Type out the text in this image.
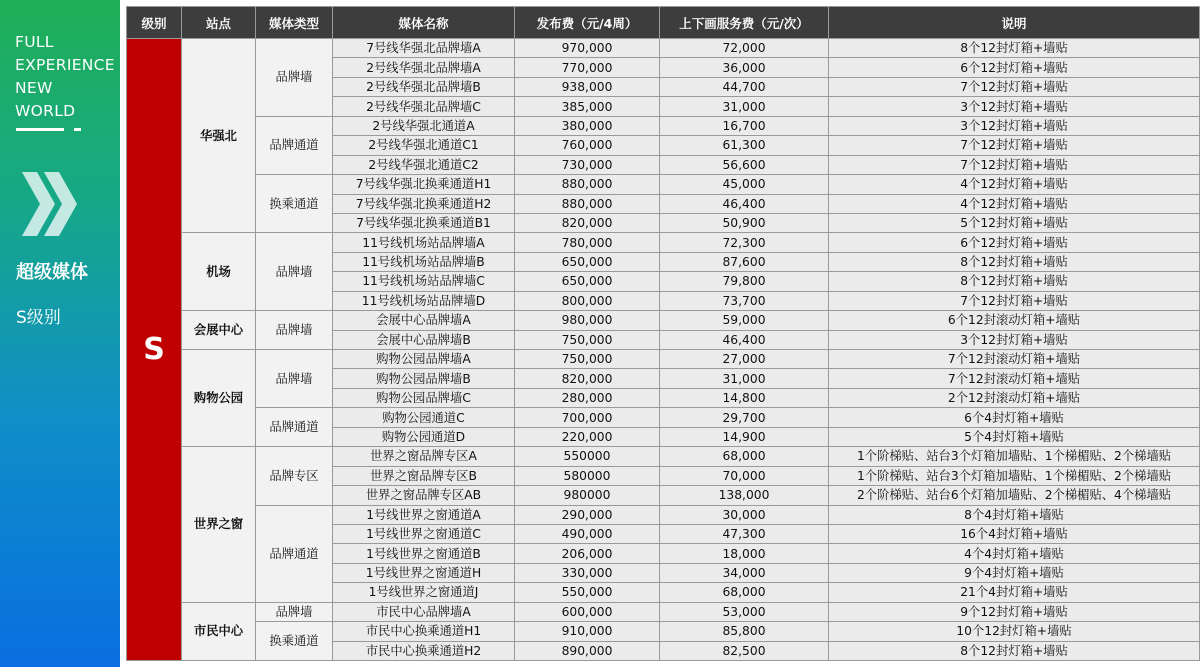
FULL
EXPERIENCE
NEW
WORLD
超级媒体
S级别
级别	站点	媒体类型	媒体名称	发布费（元/4周）	上下画服务费（元/次）	说明
S	华强北	品牌墙	7号线华强北品牌墙A	970,000	72,000	8个12封灯箱+墙贴
			2号线华强北品牌墙A	770,000	36,000	6个12封灯箱+墙贴
			2号线华强北品牌墙B	938,000	44,700	7个12封灯箱+墙贴
			2号线华强北品牌墙C	385,000	31,000	3个12封灯箱+墙贴
		品牌通道	2号线华强北通道A	380,000	16,700	3个12封灯箱+墙贴
			2号线华强北通道C1	760,000	61,300	7个12封灯箱+墙贴
			2号线华强北通道C2	730,000	56,600	7个12封灯箱+墙贴
		换乘通道	7号线华强北换乘通道H1	880,000	45,000	4个12封灯箱+墙贴
			7号线华强北换乘通道H2	880,000	46,400	4个12封灯箱+墙贴
			7号线华强北换乘通道B1	820,000	50,900	5个12封灯箱+墙贴
	机场	品牌墙	11号线机场站品牌墙A	780,000	72,300	6个12封灯箱+墙贴
			11号线机场站品牌墙B	650,000	87,600	8个12封灯箱+墙贴
			11号线机场站品牌墙C	650,000	79,800	8个12封灯箱+墙贴
			11号线机场站品牌墙D	800,000	73,700	7个12封灯箱+墙贴
	会展中心	品牌墙	会展中心品牌墙A	980,000	59,000	6个12封滚动灯箱+墙贴
			会展中心品牌墙B	750,000	46,400	3个12封灯箱+墙贴
	购物公园	品牌墙	购物公园品牌墙A	750,000	27,000	7个12封滚动灯箱+墙贴
			购物公园品牌墙B	820,000	31,000	7个12封滚动灯箱+墙贴
			购物公园品牌墙C	280,000	14,800	2个12封滚动灯箱+墙贴
		品牌通道	购物公园通道C	700,000	29,700	6个4封灯箱+墙贴
			购物公园通道D	220,000	14,900	5个4封灯箱+墙贴
	世界之窗	品牌专区	世界之窗品牌专区A	550000	68,000	1个阶梯贴、站台3个灯箱加墙贴、1个梯楣贴、2个梯墙贴
			世界之窗品牌专区B	580000	70,000	1个阶梯贴、站台3个灯箱加墙贴、1个梯楣贴、2个梯墙贴
			世界之窗品牌专区AB	980000	138,000	2个阶梯贴、站台6个灯箱加墙贴、2个梯楣贴、4个梯墙贴
		品牌通道	1号线世界之窗通道A	290,000	30,000	8个4封灯箱+墙贴
			1号线世界之窗通道C	490,000	47,300	16个4封灯箱+墙贴
			1号线世界之窗通道B	206,000	18,000	4个4封灯箱+墙贴
			1号线世界之窗通道H	330,000	34,000	9个4封灯箱+墙贴
			1号线世界之窗通道J	550,000	68,000	21个4封灯箱+墙贴
	市民中心	品牌墙	市民中心品牌墙A	600,000	53,000	9个12封灯箱+墙贴
		换乘通道	市民中心换乘通道H1	910,000	85,800	10个12封灯箱+墙贴
			市民中心换乘通道H2	890,000	82,500	8个12封灯箱+墙贴
